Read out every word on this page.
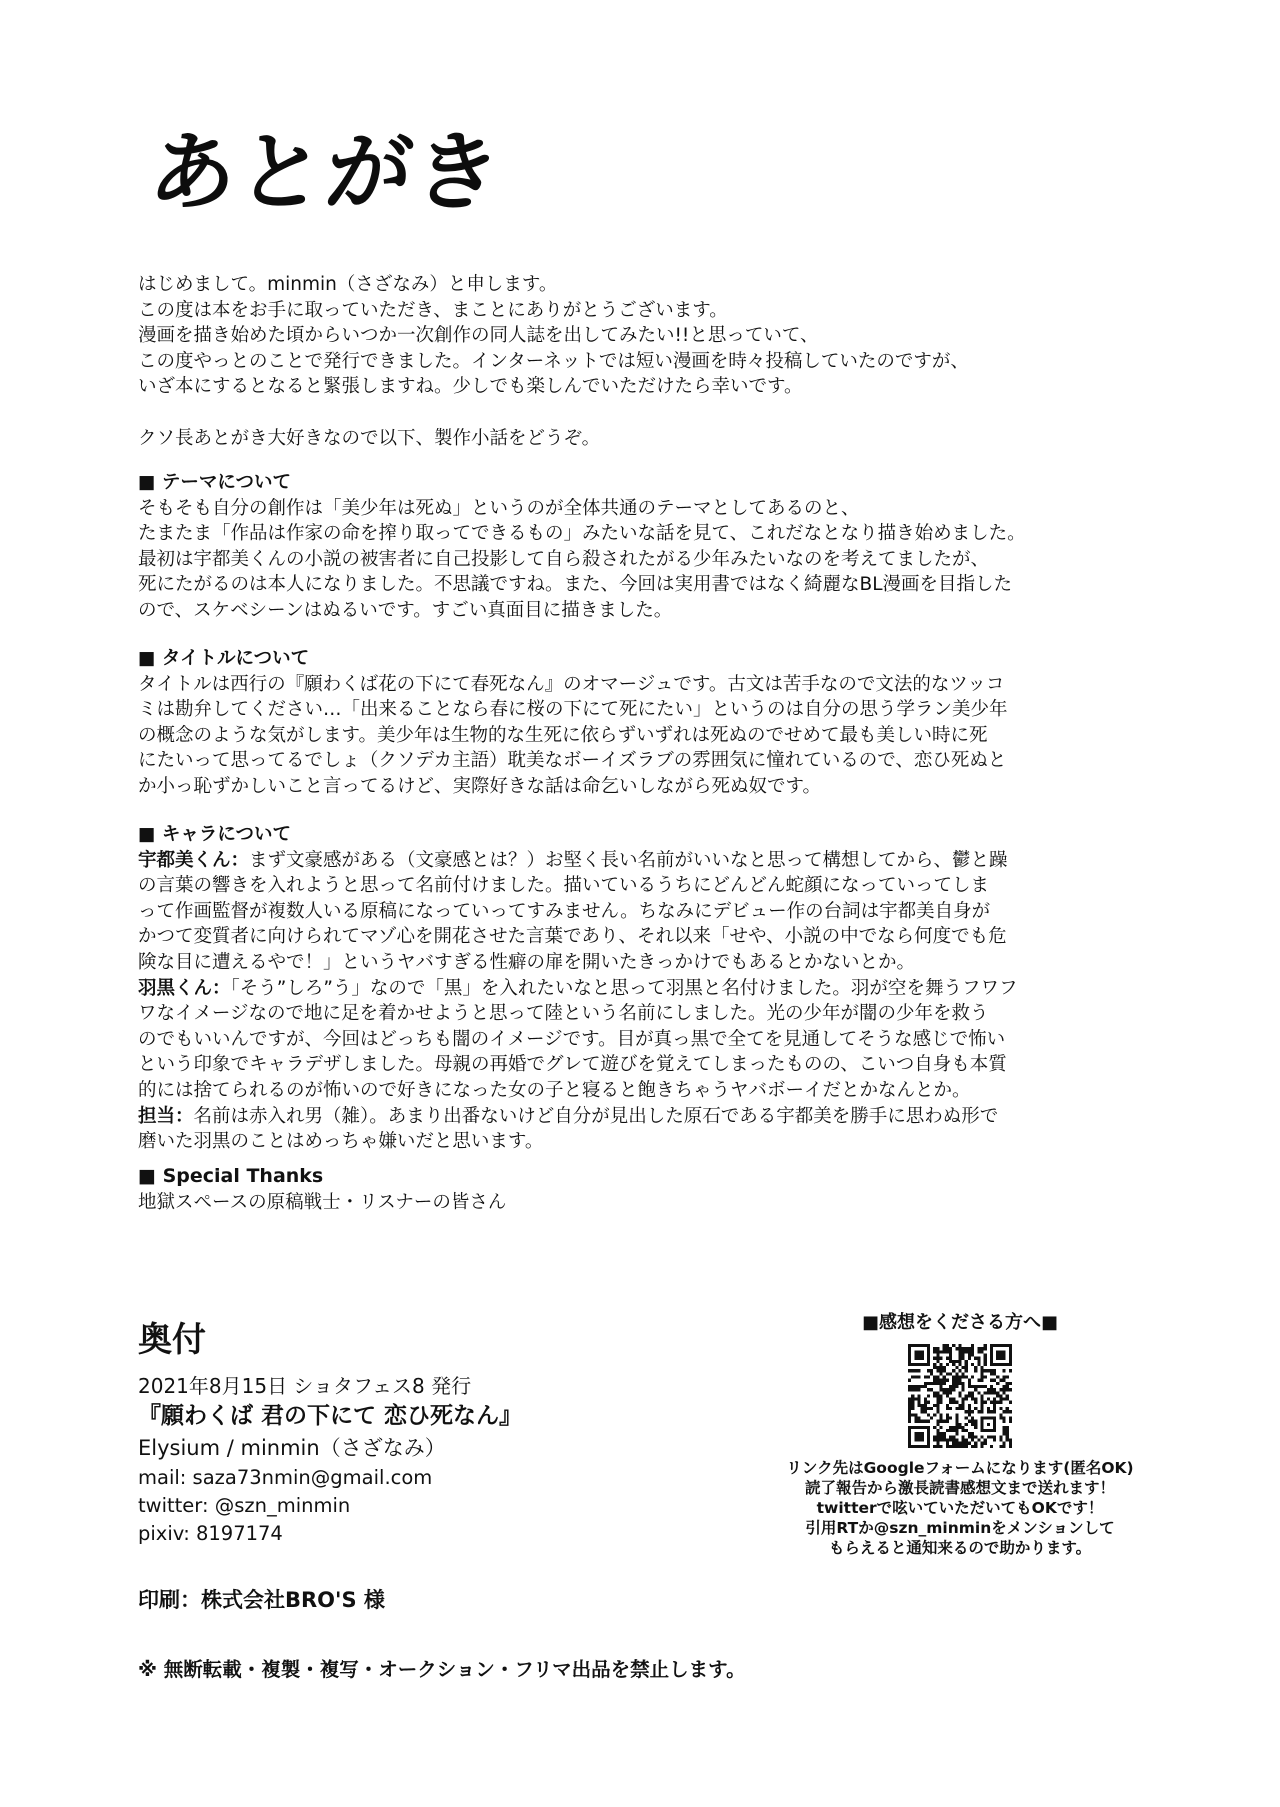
あとがき

はじめまして。minmin（さざなみ）と申します。

この度は本をお手に取っていただき、まことにありがとうございます。

漫画を描き始めた頃からいつか一次創作の同人誌を出してみたい!!と思っていて、

この度やっとのことで発行できました。インターネットでは短い漫画を時々投稿していたのですが、

いざ本にするとなると緊張しますね。少しでも楽しんでいただけたら幸いです。

クソ長あとがき大好きなので以下、製作小話をどうぞ。

■ テーマについて

そもそも自分の創作は「美少年は死ぬ」というのが全体共通のテーマとしてあるのと、

たまたま「作品は作家の命を搾り取ってできるもの」みたいな話を見て、これだなとなり描き始めました。

最初は宇都美くんの小説の被害者に自己投影して自ら殺されたがる少年みたいなのを考えてましたが、

死にたがるのは本人になりました。不思議ですね。また、今回は実用書ではなく綺麗なBL漫画を目指した

ので、スケベシーンはぬるいです。すごい真面目に描きました。

■ タイトルについて

タイトルは西行の『願わくば花の下にて春死なん』のオマージュです。古文は苦手なので文法的なツッコ

ミは勘弁してください…「出来ることなら春に桜の下にて死にたい」というのは自分の思う学ラン美少年

の概念のような気がします。美少年は生物的な生死に依らずいずれは死ぬのでせめて最も美しい時に死

にたいって思ってるでしょ（クソデカ主語）耽美なボーイズラブの雰囲気に憧れているので、恋ひ死ぬと

か小っ恥ずかしいこと言ってるけど、実際好きな話は命乞いしながら死ぬ奴です。

■ キャラについて

宇都美くん：まず文豪感がある（文豪感とは？）お堅く長い名前がいいなと思って構想してから、鬱と躁

の言葉の響きを入れようと思って名前付けました。描いているうちにどんどん蛇顔になっていってしま

って作画監督が複数人いる原稿になっていってすみません。ちなみにデビュー作の台詞は宇都美自身が

かつて変質者に向けられてマゾ心を開花させた言葉であり、それ以来「せや、小説の中でなら何度でも危

険な目に遭えるやで！」というヤバすぎる性癖の扉を開いたきっかけでもあるとかないとか。

羽黒くん：「そう”しろ”う」なので「黒」を入れたいなと思って羽黒と名付けました。羽が空を舞うフワフ

ワなイメージなので地に足を着かせようと思って陸という名前にしました。光の少年が闇の少年を救う

のでもいいんですが、今回はどっちも闇のイメージです。目が真っ黒で全てを見通してそうな感じで怖い

という印象でキャラデザしました。母親の再婚でグレて遊びを覚えてしまったものの、こいつ自身も本質

的には捨てられるのが怖いので好きになった女の子と寝ると飽きちゃうヤバボーイだとかなんとか。

担当：名前は赤入れ男（雑）。あまり出番ないけど自分が見出した原石である宇都美を勝手に思わぬ形で

磨いた羽黒のことはめっちゃ嫌いだと思います。

■ Special Thanks

地獄スペースの原稿戦士・リスナーの皆さん

奥付

2021年8月15日 ショタフェス8 発行

『願わくば 君の下にて 恋ひ死なん』

Elysium / minmin（さざなみ）

mail: saza73nmin@gmail.com

twitter: @szn_minmin

pixiv: 8197174

印刷：株式会社BRO'S 様
※ 無断転載・複製・複写・オークション・フリマ出品を禁止します。

■感想をくださる方へ■

リンク先はGoogleフォームになります(匿名OK)

読了報告から激長読書感想文まで送れます！

twitterで呟いていただいてもOKです！

引用RTか@szn_minminをメンションして

もらえると通知来るので助かります。
